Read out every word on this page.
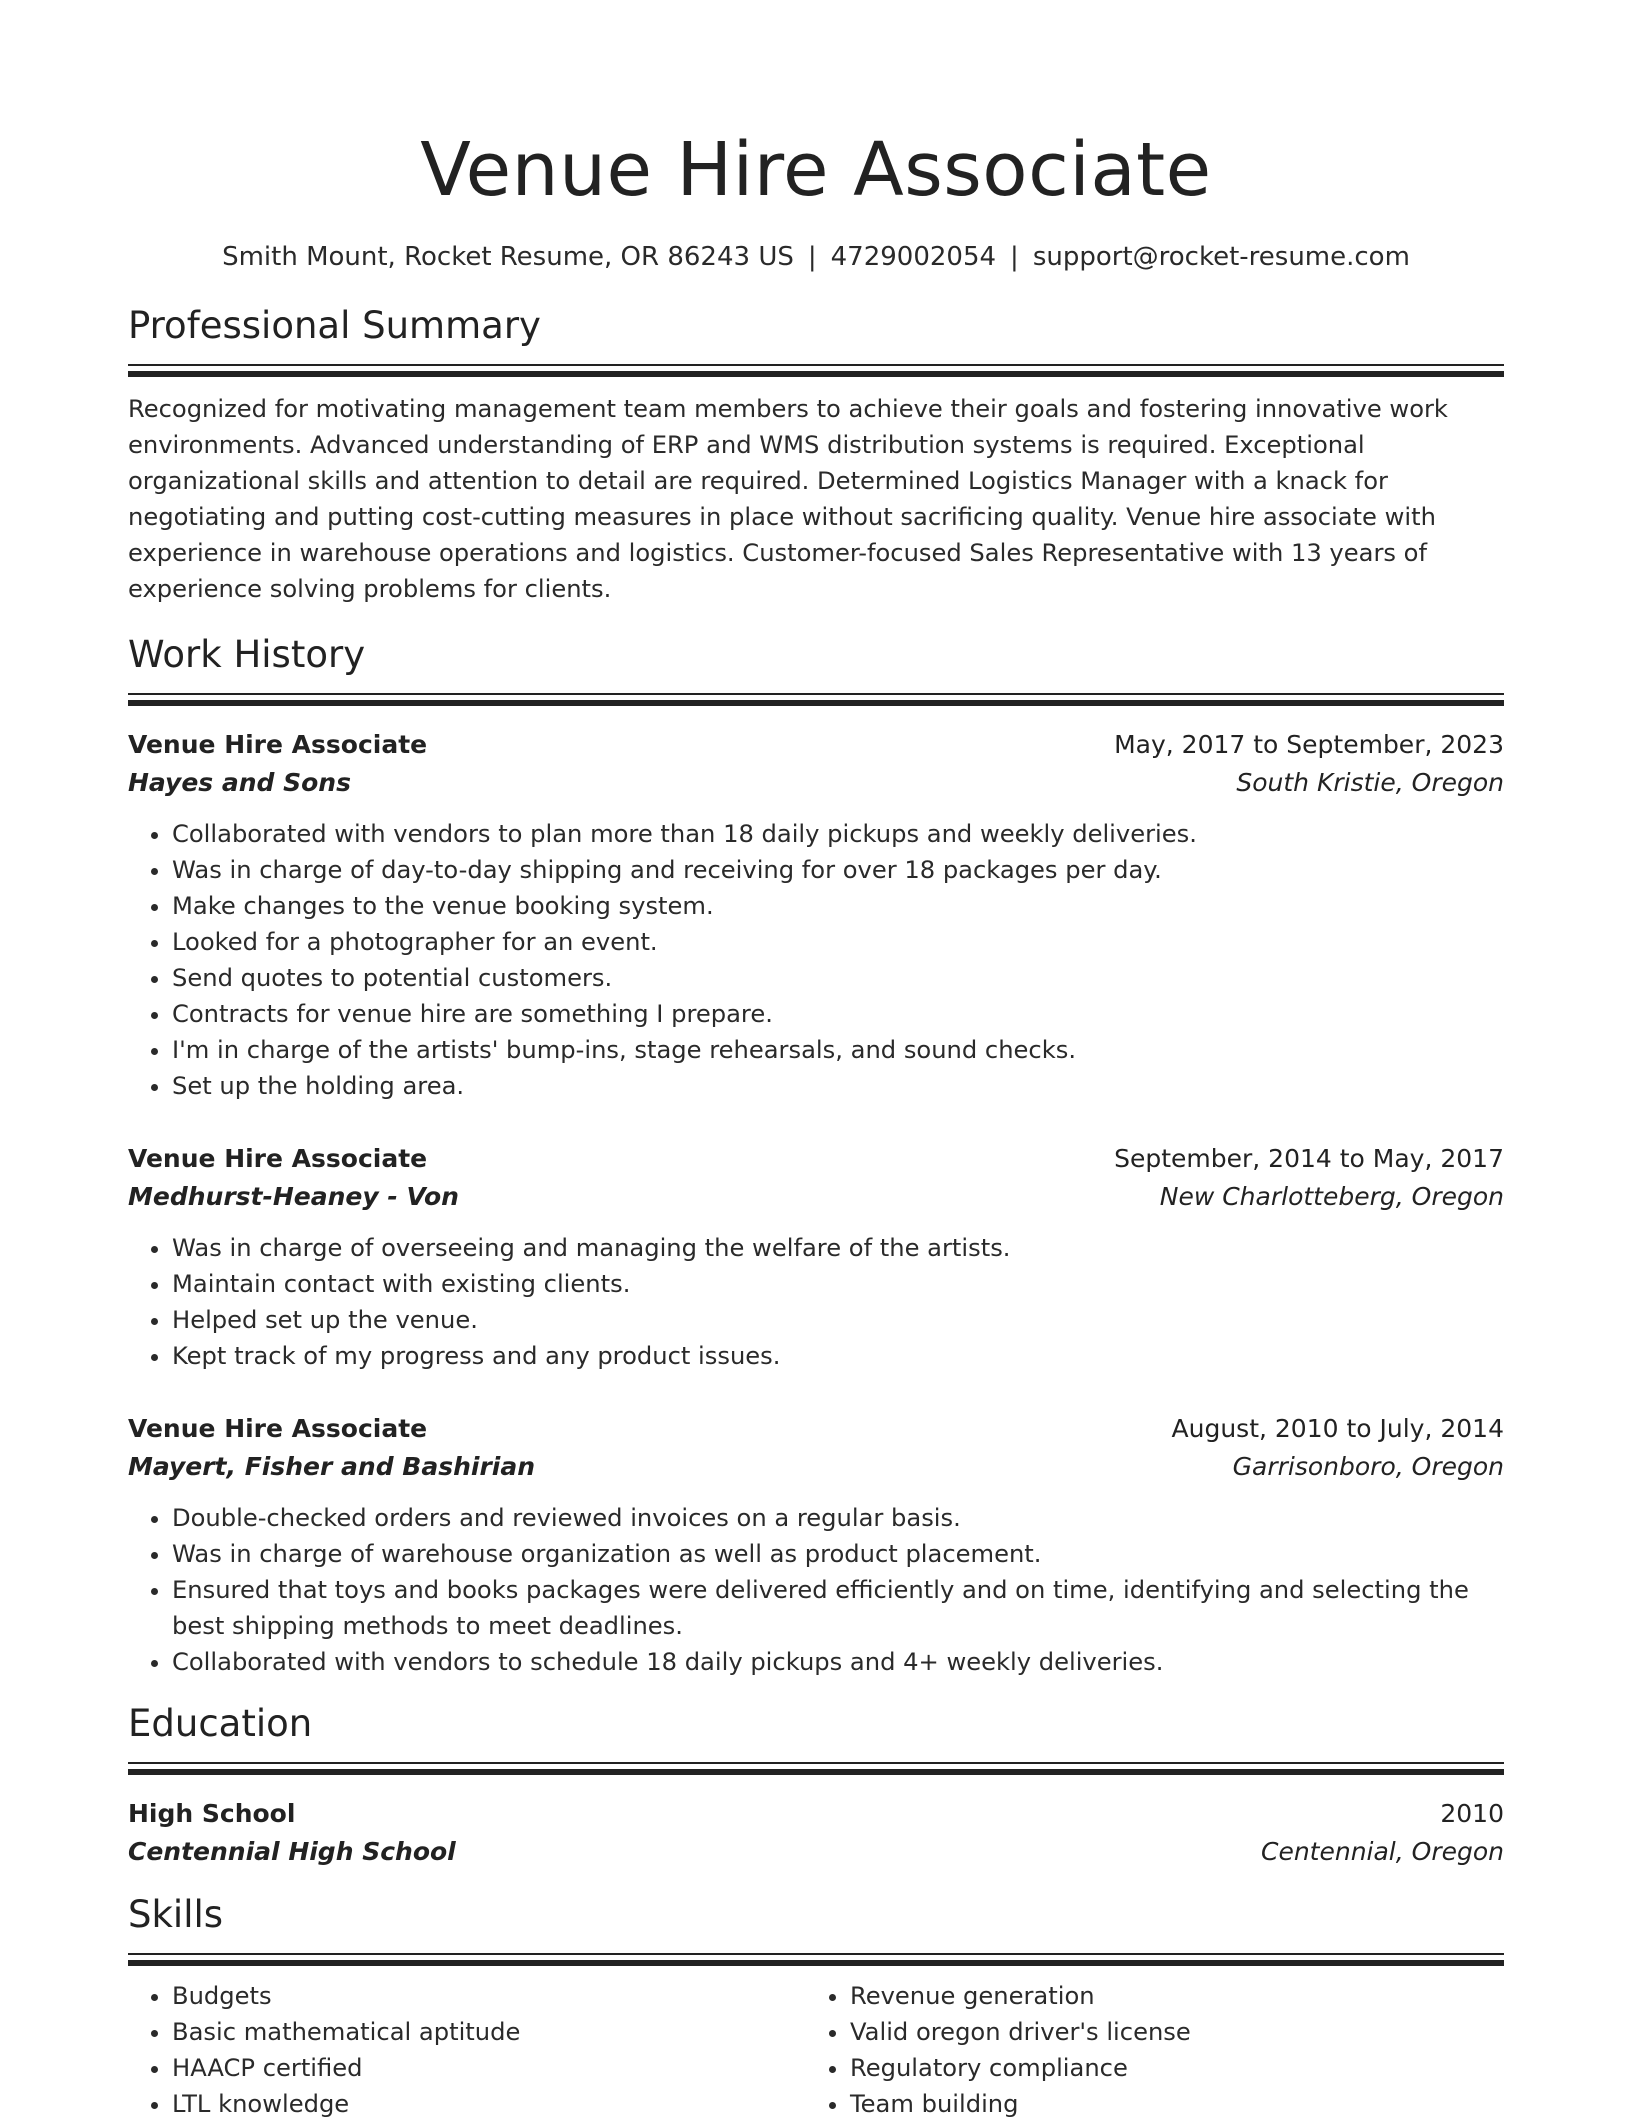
Venue Hire Associate
Smith Mount, Rocket Resume, OR 86243 US | 4729002054 | support@rocket-resume.com
Professional Summary
Recognized for motivating management team members to achieve their goals and fostering innovative work environments. Advanced understanding of ERP and WMS distribution systems is required. Exceptional organizational skills and attention to detail are required. Determined Logistics Manager with a knack for negotiating and putting cost-cutting measures in place without sacrificing quality. Venue hire associate with experience in warehouse operations and logistics. Customer-focused Sales Representative with 13 years of experience solving problems for clients.
Work History
Venue Hire Associate	May, 2017 to September, 2023
Hayes and Sons	South Kristie, Oregon
• Collaborated with vendors to plan more than 18 daily pickups and weekly deliveries.
• Was in charge of day-to-day shipping and receiving for over 18 packages per day.
• Make changes to the venue booking system.
• Looked for a photographer for an event.
• Send quotes to potential customers.
• Contracts for venue hire are something I prepare.
• I'm in charge of the artists' bump-ins, stage rehearsals, and sound checks.
• Set up the holding area.
Venue Hire Associate	September, 2014 to May, 2017
Medhurst-Heaney - Von	New Charlotteberg, Oregon
• Was in charge of overseeing and managing the welfare of the artists.
• Maintain contact with existing clients.
• Helped set up the venue.
• Kept track of my progress and any product issues.
Venue Hire Associate	August, 2010 to July, 2014
Mayert, Fisher and Bashirian	Garrisonboro, Oregon
• Double-checked orders and reviewed invoices on a regular basis.
• Was in charge of warehouse organization as well as product placement.
• Ensured that toys and books packages were delivered efficiently and on time, identifying and selecting the best shipping methods to meet deadlines.
• Collaborated with vendors to schedule 18 daily pickups and 4+ weekly deliveries.
Education
High School	2010
Centennial High School	Centennial, Oregon
Skills
• Budgets
• Basic mathematical aptitude
• HAACP certified
• LTL knowledge
• Revenue generation
• Valid oregon driver's license
• Regulatory compliance
• Team building
